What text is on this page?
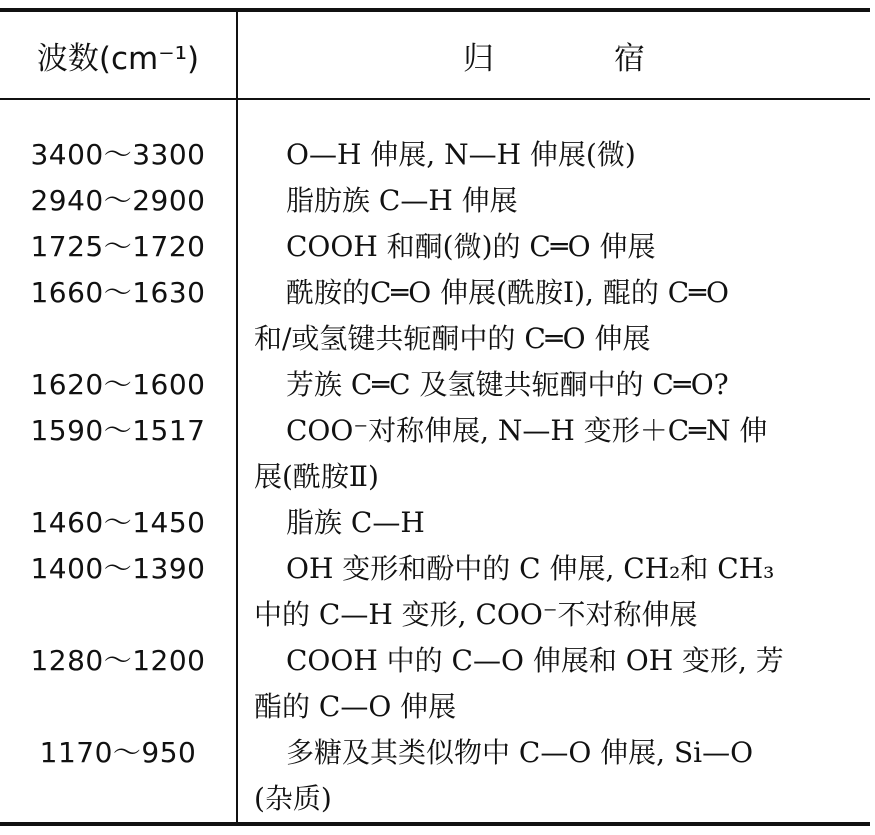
波数(cm⁻¹)	归宿
3400～3300	O—H 伸展, N—H 伸展(微)
2940～2900	脂肪族 C—H 伸展
1725～1720	COOH 和酮(微)的 C═O 伸展
1660～1630	酰胺的C═O 伸展(酰胺Ⅰ), 醌的 C═O
和/或氢键共轭酮中的 C═O 伸展
1620～1600	芳族 C═C 及氢键共轭酮中的 C═O?
1590～1517	COO⁻对称伸展, N—H 变形＋C═N 伸
展(酰胺Ⅱ)
1460～1450	脂族 C—H
1400～1390	OH 变形和酚中的 C 伸展, CH₂和 CH₃
中的 C—H 变形, COO⁻不对称伸展
1280～1200	COOH 中的 C—O 伸展和 OH 变形, 芳
酯的 C—O 伸展
1170～950	多糖及其类似物中 C—O 伸展, Si—O
(杂质)
